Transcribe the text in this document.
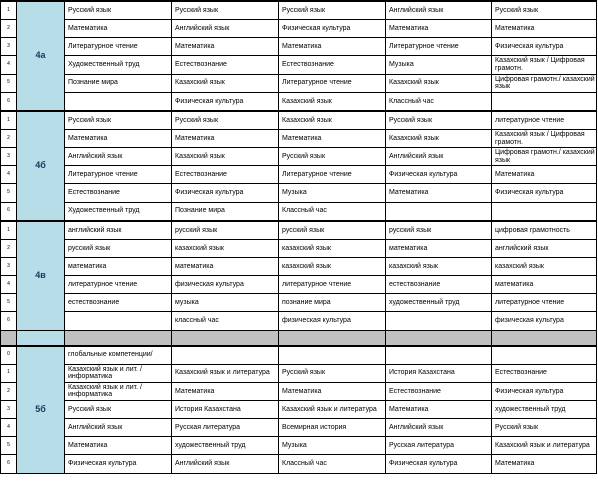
1	4а	Русский язык	Русский язык	Русский язык	Английский язык	Русский язык
2		Математика	Английский язык	Физическая культура	Математика	Математика
3		Литературное чтение	Математика	Математика	Литературное чтение	Физическая культура
4		Художественный труд	Естествознание	Естествознание	Музыка	Казахский язык / Цифровая грамотн.
5		Познание мира	Казахский язык	Литературное чтение	Казахский язык	Цифровая грамотн./ казахский язык
6			Физическая культура	Казахский язык	Классный час	
1	4б	Русский язык	Русский язык	Казахский язык	Русский язык	литературное чтение
2		Математика	Математика	Математика	Казахский язык	Казахский язык / Цифровая грамотн.
3		Английский язык	Казахский язык	Русский язык	Английский язык	Цифровая грамотн./ казахский язык
4		Литературное чтение	Естествознание	Литературное чтение	Физическая культура	Математика
5		Естествознание	Физическая культура	Музыка	Математика	Физическая культура
6		Художественный труд	Познание мира	Классный час		
1	4в	английский язык	русский язык	русский язык	русский язык	цифровая грамотность
2		русский язык	казахский язык	казахский язык	математика	английский язык
3		математика	математика	казахский язык	казахский язык	казахский язык
4		литературное чтение	физическая культура	литературное чтение	естествознание	математика
5		естествознание	музыка	познание мира	художественный труд	литературное чтение
6			классный час	физическая культура		физическая культура

0	5б	глобальные компетенции/				
1		Казахский язык и лит. / информатика	Казахский язык и литература	Русский язык	История Казахстана	Естествознание
2		Казахский язык и лит. / информатика	Математика	Математика	Естествознание	Физическая культура
3		Русский язык	История Казахстана	Казахский язык и литература	Математика	художественный труд
4		Английский язык	Русская литература	Всемирная история	Английский язык	Русский язык
5		Математика	художественный труд	Музыка	Русская литература	Казахский язык и литература
6		Физическая культура	Английский язык	Классный час	Физическая культура	Математика
